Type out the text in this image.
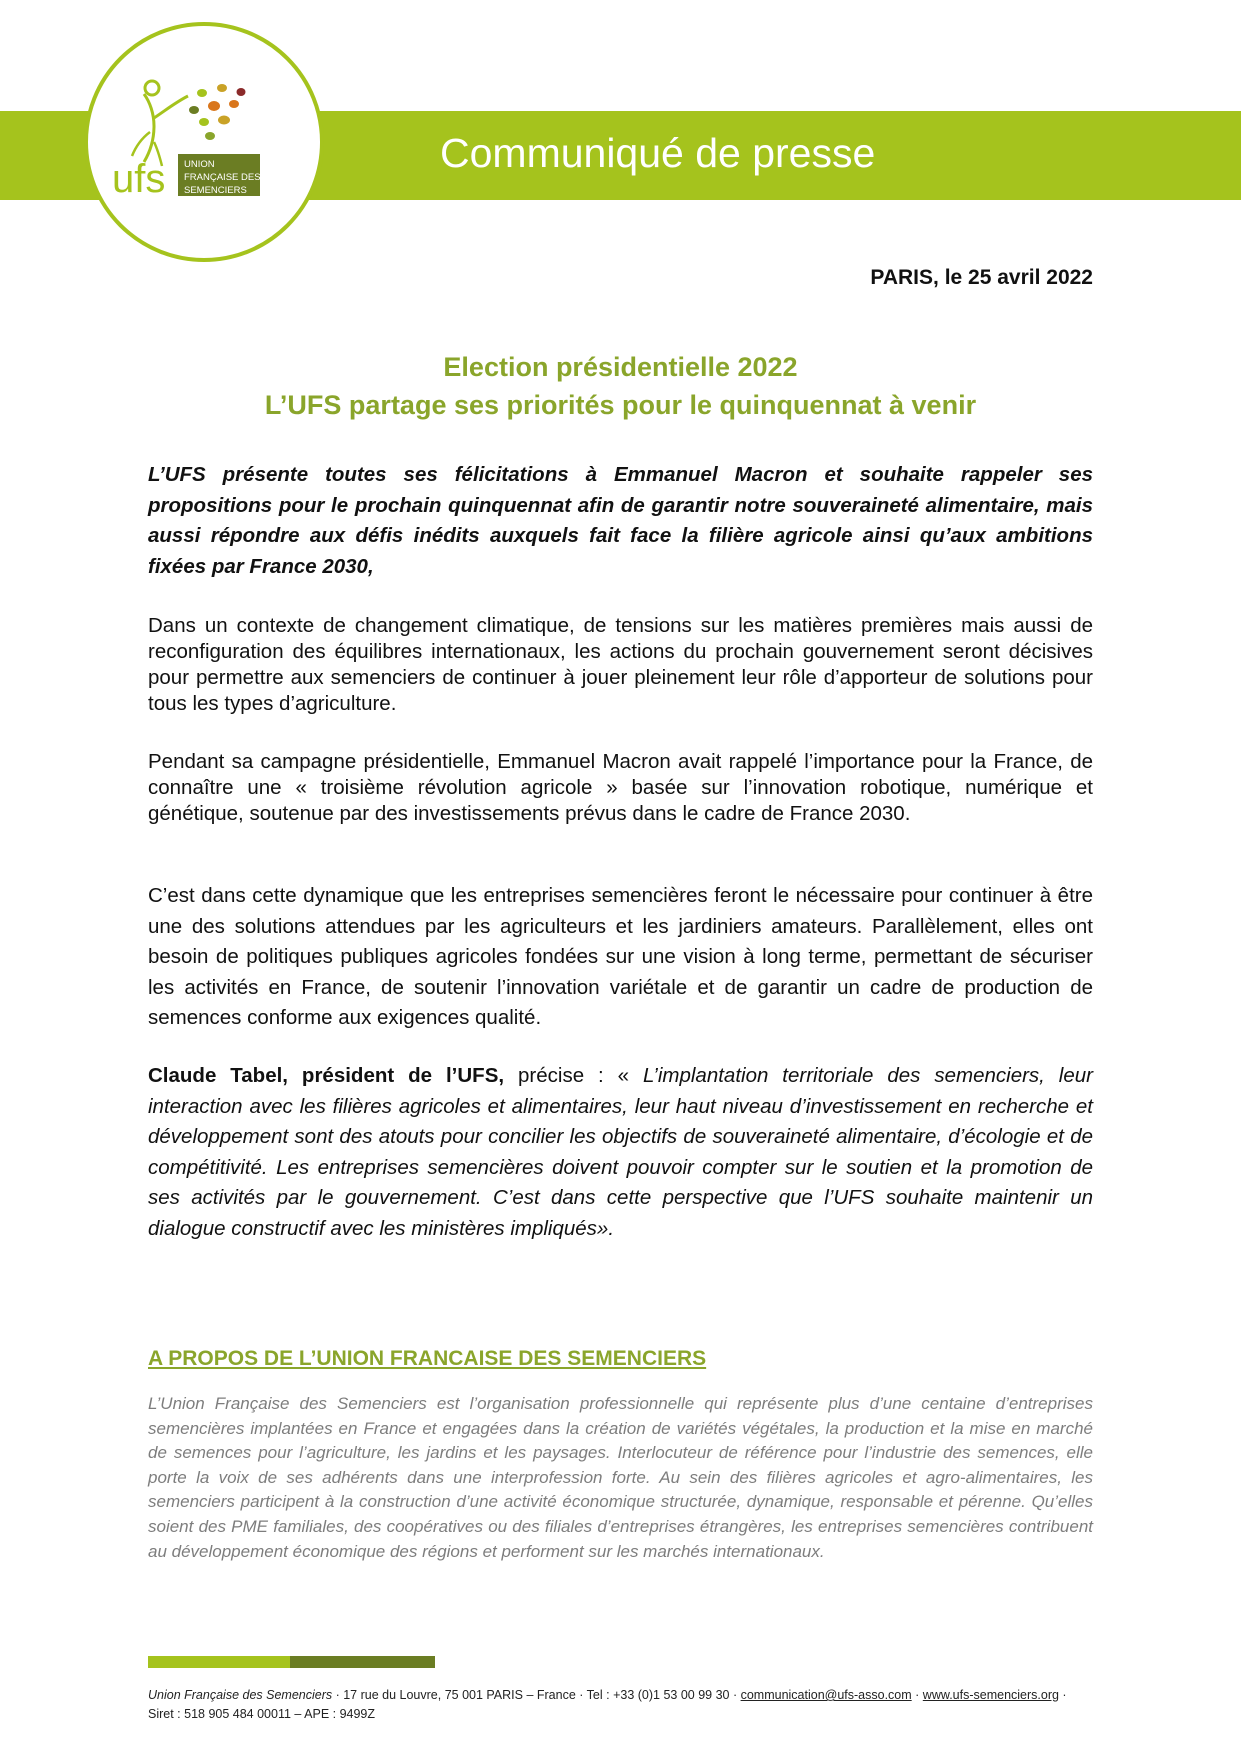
Communiqué de presse
ufs UNION
FRANÇAISE DES
SEMENCIERS
PARIS, le 25 avril 2022
Election présidentielle 2022
L’UFS partage ses priorités pour le quinquennat à venir
L’UFS présente toutes ses félicitations à Emmanuel Macron et souhaite rappeler ses propositions pour le prochain quinquennat afin de garantir notre souveraineté alimentaire, mais aussi répondre aux défis inédits auxquels fait face la filière agricole ainsi qu’aux ambitions fixées par France 2030,
Dans un contexte de changement climatique, de tensions sur les matières premières mais aussi de reconfiguration des équilibres internationaux, les actions du prochain gouvernement seront décisives pour permettre aux semenciers de continuer à jouer pleinement leur rôle d’apporteur de solutions pour tous les types d’agriculture.
Pendant sa campagne présidentielle, Emmanuel Macron avait rappelé l’importance pour la France, de connaître une « troisième révolution agricole » basée sur l’innovation robotique, numérique et génétique, soutenue par des investissements prévus dans le cadre de France 2030.
C’est dans cette dynamique que les entreprises semencières feront le nécessaire pour continuer à être une des solutions attendues par les agriculteurs et les jardiniers amateurs. Parallèlement, elles ont besoin de politiques publiques agricoles fondées sur une vision à long terme, permettant de sécuriser les activités en France, de soutenir l’innovation variétale et de garantir un cadre de production de semences conforme aux exigences qualité.
Claude Tabel, président de l’UFS, précise : « L’implantation territoriale des semenciers, leur interaction avec les filières agricoles et alimentaires, leur haut niveau d’investissement en recherche et développement sont des atouts pour concilier les objectifs de souveraineté alimentaire, d’écologie et de compétitivité. Les entreprises semencières doivent pouvoir compter sur le soutien et la promotion de ses activités par le gouvernement. C’est dans cette perspective que l’UFS souhaite maintenir un dialogue constructif avec les ministères impliqués».
A PROPOS DE L’UNION FRANCAISE DES SEMENCIERS
L’Union Française des Semenciers est l’organisation professionnelle qui représente plus d’une centaine d’entreprises semencières implantées en France et engagées dans la création de variétés végétales, la production et la mise en marché de semences pour l’agriculture, les jardins et les paysages. Interlocuteur de référence pour l’industrie des semences, elle porte la voix de ses adhérents dans une interprofession forte. Au sein des filières agricoles et agro-alimentaires, les semenciers participent à la construction d’une activité économique structurée, dynamique, responsable et pérenne. Qu’elles soient des PME familiales, des coopératives ou des filiales d’entreprises étrangères, les entreprises semencières contribuent au développement économique des régions et performent sur les marchés internationaux.
Union Française des Semenciers · 17 rue du Louvre, 75 001 PARIS – France · Tel : +33 (0)1 53 00 99 30 · communication@ufs-asso.com · www.ufs-semenciers.org ·
Siret : 518 905 484 00011 – APE : 9499Z
